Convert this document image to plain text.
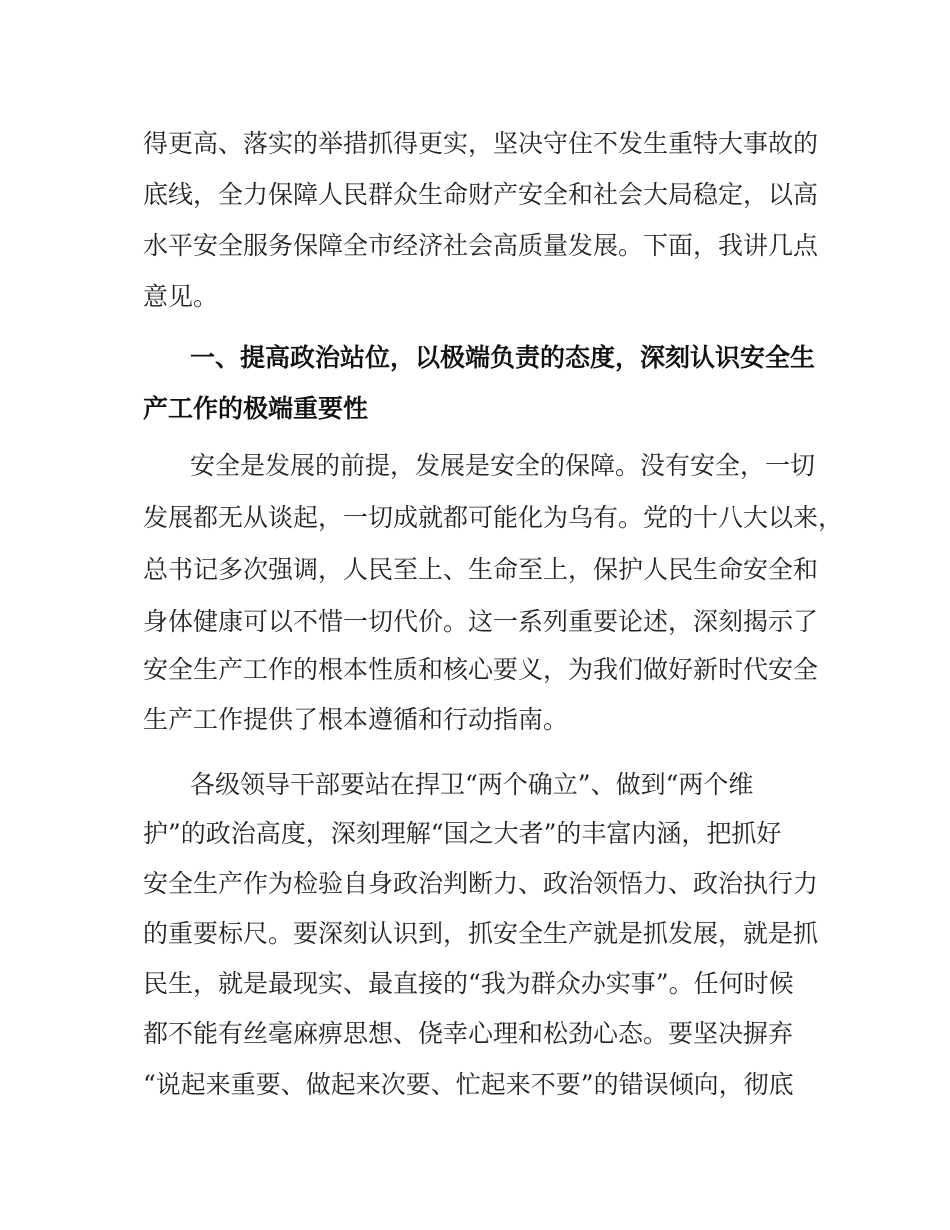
得更高、落实的举措抓得更实，坚决守住不发生重特大事故的
底线，全力保障人民群众生命财产安全和社会大局稳定，以高
水平安全服务保障全市经济社会高质量发展。下面，我讲几点
意见。
一、提高政治站位，以极端负责的态度，深刻认识安全生
产工作的极端重要性
安全是发展的前提，发展是安全的保障。没有安全，一切
发展都无从谈起，一切成就都可能化为乌有。党的十八大以来，
总书记多次强调，人民至上、生命至上，保护人民生命安全和
身体健康可以不惜一切代价。这一系列重要论述，深刻揭示了
安全生产工作的根本性质和核心要义，为我们做好新时代安全
生产工作提供了根本遵循和行动指南。
各级领导干部要站在捍卫“两个确立”、做到“两个维
护”的政治高度，深刻理解“国之大者”的丰富内涵，把抓好
安全生产作为检验自身政治判断力、政治领悟力、政治执行力
的重要标尺。要深刻认识到，抓安全生产就是抓发展，就是抓
民生，就是最现实、最直接的“我为群众办实事”。任何时候
都不能有丝毫麻痹思想、侥幸心理和松劲心态。要坚决摒弃
“说起来重要、做起来次要、忙起来不要”的错误倾向，彻底
